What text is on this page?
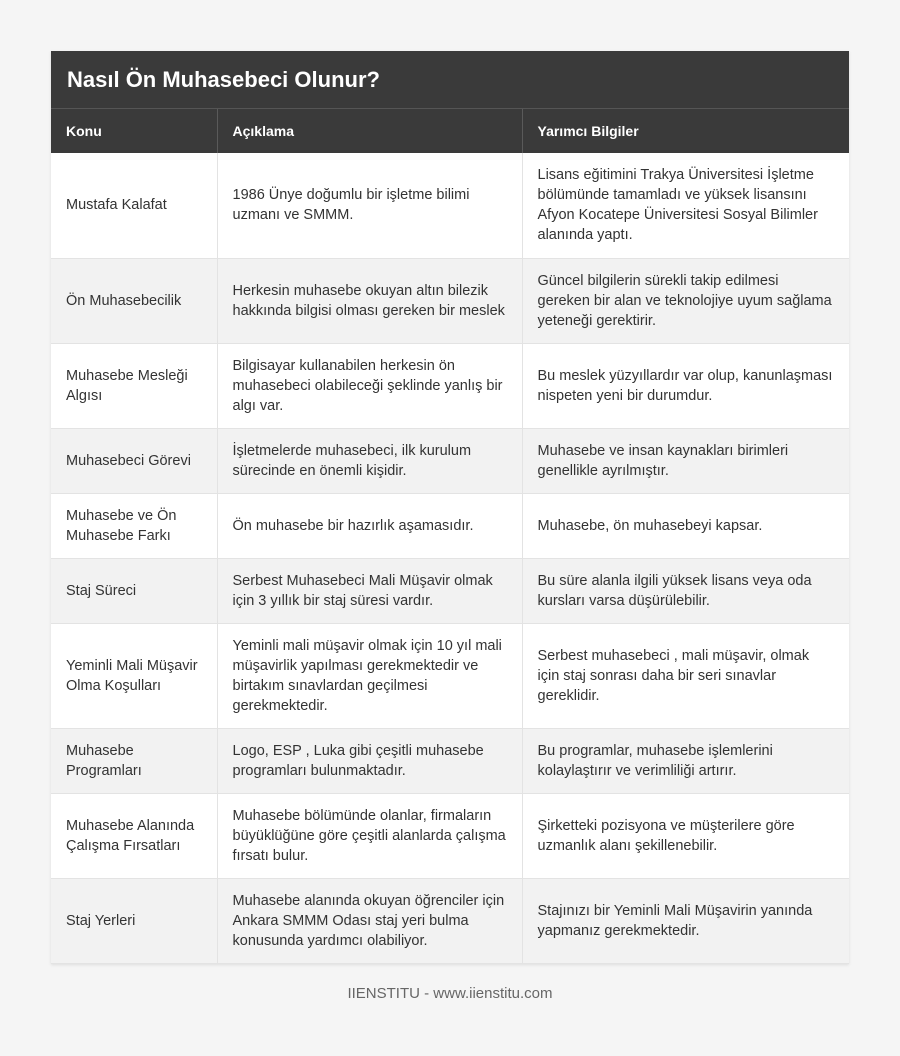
Nasıl Ön Muhasebeci Olunur?
Konu	Açıklama	Yarımcı Bilgiler
Mustafa Kalafat	1986 Ünye doğumlu bir işletme bilimi uzmanı ve SMMM.	Lisans eğitimini Trakya Üniversitesi İşletme bölümünde tamamladı ve yüksek lisansını Afyon Kocatepe Üniversitesi Sosyal Bilimler alanında yaptı.
Ön Muhasebecilik	Herkesin muhasebe okuyan altın bilezik hakkında bilgisi olması gereken bir meslek	Güncel bilgilerin sürekli takip edilmesi gereken bir alan ve teknolojiye uyum sağlama yeteneği gerektirir.
Muhasebe Mesleği Algısı	Bilgisayar kullanabilen herkesin ön muhasebeci olabileceği şeklinde yanlış bir algı var.	Bu meslek yüzyıllardır var olup, kanunlaşması nispeten yeni bir durumdur.
Muhasebeci Görevi	İşletmelerde muhasebeci, ilk kurulum sürecinde en önemli kişidir.	Muhasebe ve insan kaynakları birimleri genellikle ayrılmıştır.
Muhasebe ve Ön Muhasebe Farkı	Ön muhasebe bir hazırlık aşamasıdır.	Muhasebe, ön muhasebeyi kapsar.
Staj Süreci	Serbest Muhasebeci Mali Müşavir olmak için 3 yıllık bir staj süresi vardır.	Bu süre alanla ilgili yüksek lisans veya oda kursları varsa düşürülebilir.
Yeminli Mali Müşavir Olma Koşulları	Yeminli mali müşavir olmak için 10 yıl mali müşavirlik yapılması gerekmektedir ve birtakım sınavlardan geçilmesi gerekmektedir.	Serbest muhasebeci , mali müşavir, olmak için staj sonrası daha bir seri sınavlar gereklidir.
Muhasebe Programları	Logo, ESP , Luka gibi çeşitli muhasebe programları bulunmaktadır.	Bu programlar, muhasebe işlemlerini kolaylaştırır ve verimliliği artırır.
Muhasebe Alanında Çalışma Fırsatları	Muhasebe bölümünde olanlar, firmaların büyüklüğüne göre çeşitli alanlarda çalışma fırsatı bulur.	Şirketteki pozisyona ve müşterilere göre uzmanlık alanı şekillenebilir.
Staj Yerleri	Muhasebe alanında okuyan öğrenciler için Ankara SMMM Odası staj yeri bulma konusunda yardımcı olabiliyor.	Stajınızı bir Yeminli Mali Müşavirin yanında yapmanız gerekmektedir.
IIENSTITU - www.iienstitu.com
